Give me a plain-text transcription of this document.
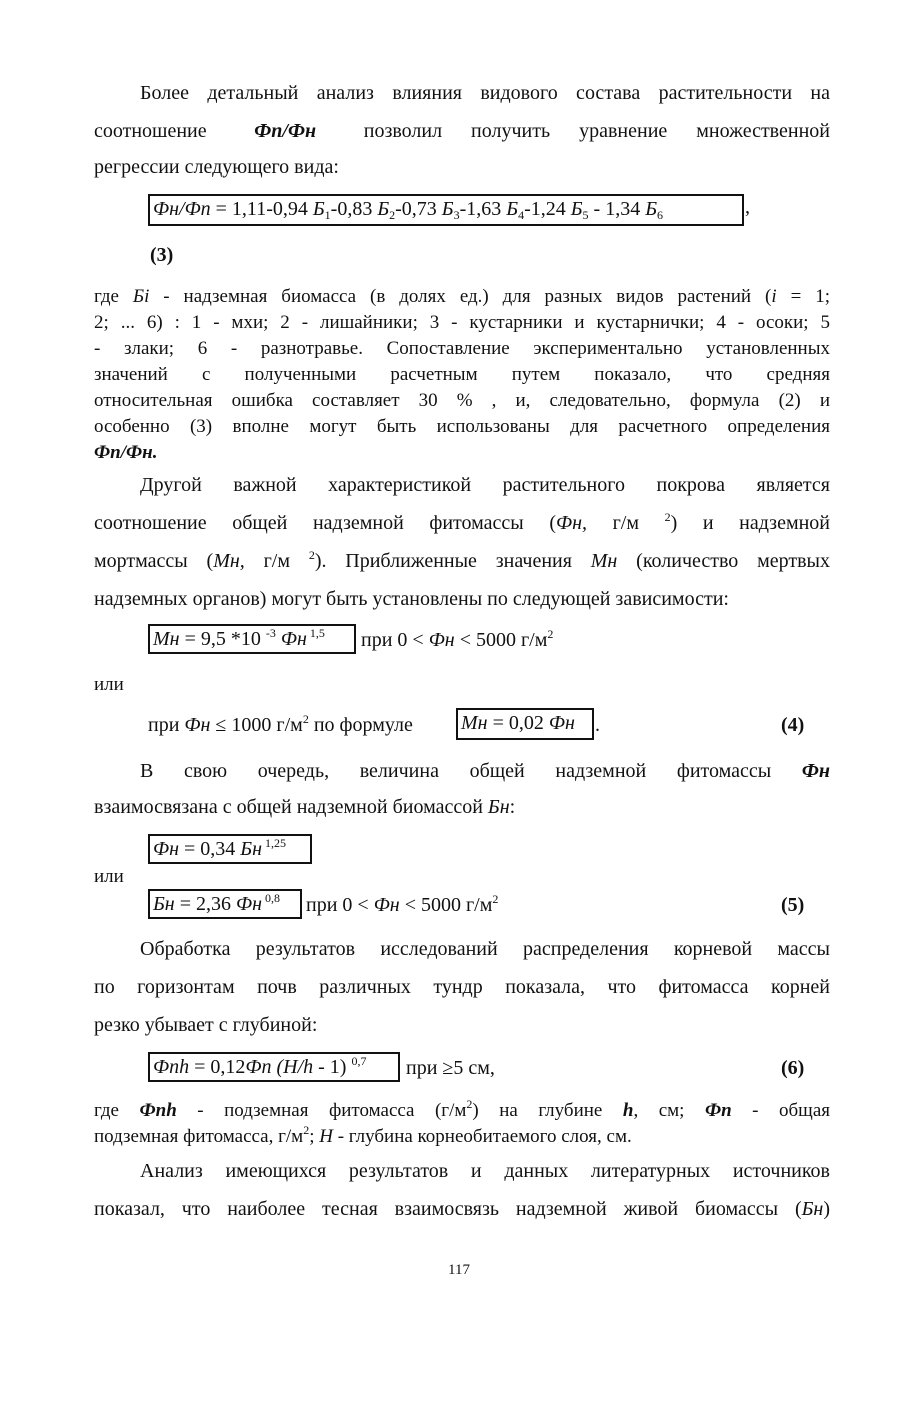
Более детальный анализ влияния видового состава растительности на
соотношение Фп/Фн позволил получить уравнение множественной
регрессии следующего вида:
Фн/Фп = 1,11-0,94 $Б_1-0,83$ $Б_2-0,73$ $Б_3-1,63$ $Б_4-1,24$ $Б_5 - 1,34$ $Б_6$	,
(3)
где Бi - надземная биомасса (в долях ед.) для разных видов растений (i = 1;
2; ... 6) : 1 - мхи; 2 - лишайники; 3 - кустарники и кустарнички; 4 - осоки; 5
- злаки; 6 - разнотравье. Сопоставление экспериментально установленных
значений с полученными расчетным путем показало, что средняя
относительная ошибка составляет 30 % , и, следовательно, формула (2) и
особенно (3) вполне могут быть использованы для расчетного определения
Фп/Фн.
Другой важной характеристикой растительного покрова является
соотношение общей надземной фитомассы (Фн, г/м $^2$) и надземной
мортмассы (Мн, г/м $^2$). Приближенные значения Мн (количество мертвых
надземных органов) могут быть установлены по следующей зависимости:
Мн = 9,5 *10 $^{-3}$ Фн $^{1,5}$	при 0 < Фн < 5000 $г/м^2$
или
при Фн ≤ 1000 $г/м^2$ по формуле Мн = 0,02 Фн	.	(4)
В свою очередь, величина общей надземной фитомассы Фн
взаимосвязана с общей надземной биомассой Бн:
Фн = 0,34 Бн $^{1,25}$
или
Бн = 2,36 Фн $^{0,8}$	при 0 < Фн < 5000 $г/м^2$	(5)
Обработка результатов исследований распределения корневой массы
по горизонтам почв различных тундр показала, что фитомасса корней
резко убывает с глубиной:
Фпh = 0,12Фп (Н/h - 1) $^{0,7}$	при ≥5 см,	(6)
где Фпh - подземная фитомасса $(г/м^2)$ на глубине h, см; Фп - общая
подземная фитомасса, $г/м^2$; Н - глубина корнеобитаемого слоя, см.
Анализ имеющихся результатов и данных литературных источников
показал, что наиболее тесная взаимосвязь надземной живой биомассы (Бн)
117
